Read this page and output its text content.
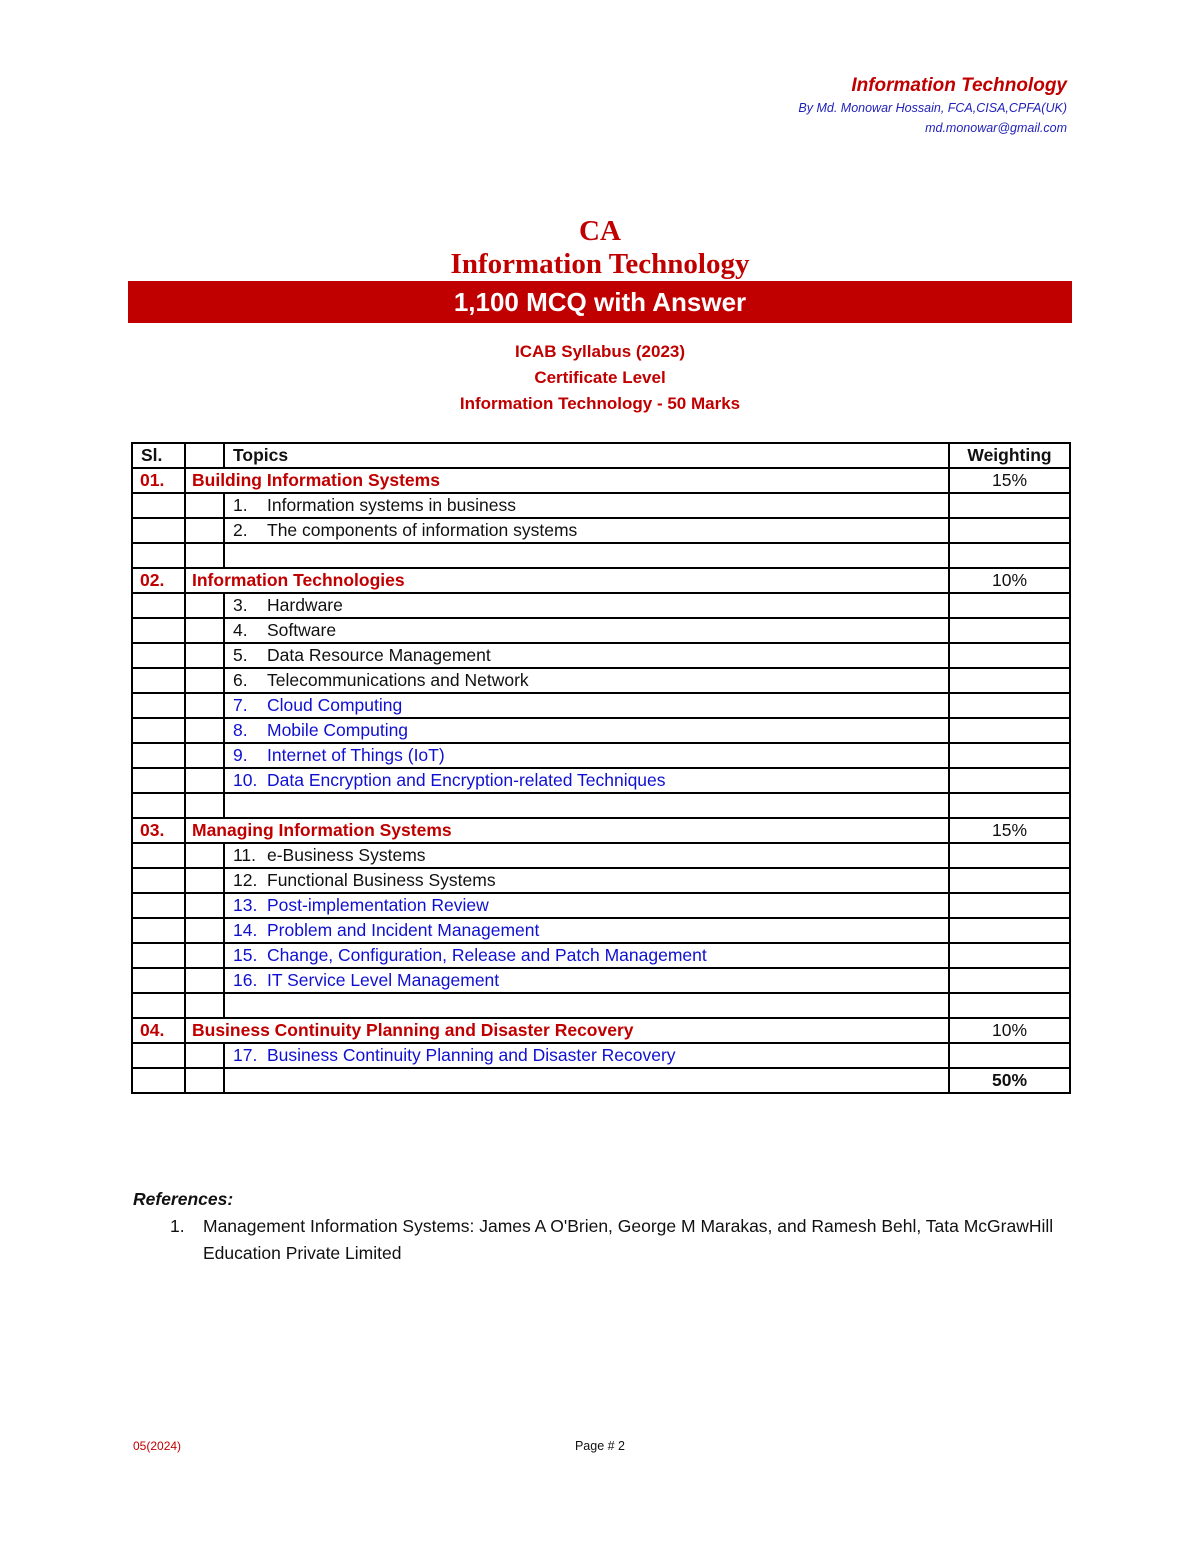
Information Technology
By Md. Monowar Hossain, FCA,CISA,CPFA(UK)
md.monowar@gmail.com
CA
Information Technology
1,100 MCQ with Answer
ICAB Syllabus (2023)
Certificate Level
Information Technology - 50 Marks
Sl.		Topics	Weighting
01.		Building Information Systems	15%
		1. Information systems in business	
		2. The components of information systems	

02.		Information Technologies	10%
		3. Hardware	
		4. Software	
		5. Data Resource Management	
		6. Telecommunications and Network	
		7. Cloud Computing	
		8. Mobile Computing	
		9. Internet of Things (IoT)	
		10. Data Encryption and Encryption-related Techniques	

03.		Managing Information Systems	15%
		11. e-Business Systems	
		12. Functional Business Systems	
		13. Post-implementation Review	
		14. Problem and Incident Management	
		15. Change, Configuration, Release and Patch Management	
		16. IT Service Level Management	

04.		Business Continuity Planning and Disaster Recovery	10%
		17. Business Continuity Planning and Disaster Recovery	
			50%
References:
1. Management Information Systems: James A O'Brien, George M Marakas, and Ramesh Behl, Tata McGrawHill Education Private Limited
05(2024)	Page # 2
